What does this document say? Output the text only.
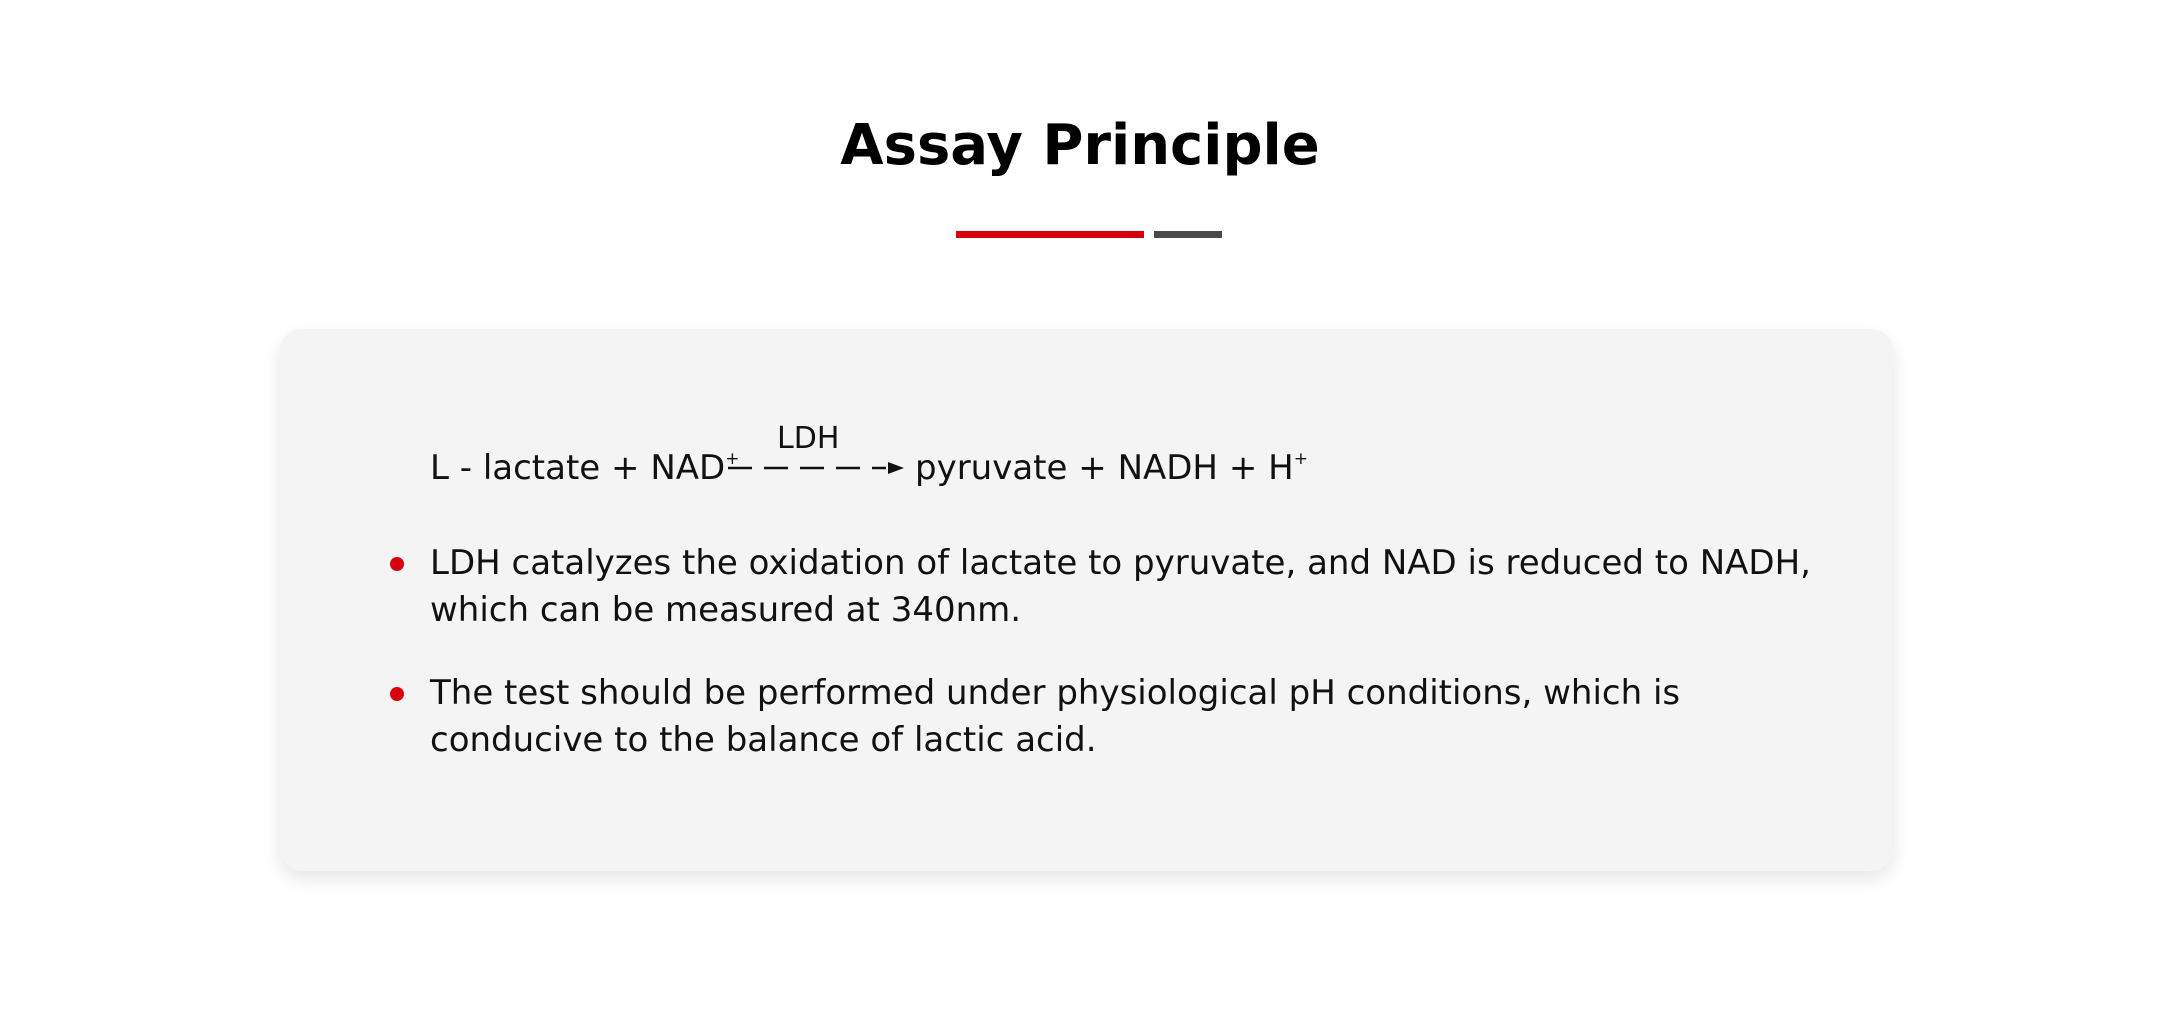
Assay Principle
L - lactate + NAD+
LDH
pyruvate + NADH + H+
LDH catalyzes the oxidation of lactate to pyruvate, and NAD is reduced to NADH, which can be measured at 340nm.
The test should be performed under physiological pH conditions, which is conducive to the balance of lactic acid.
